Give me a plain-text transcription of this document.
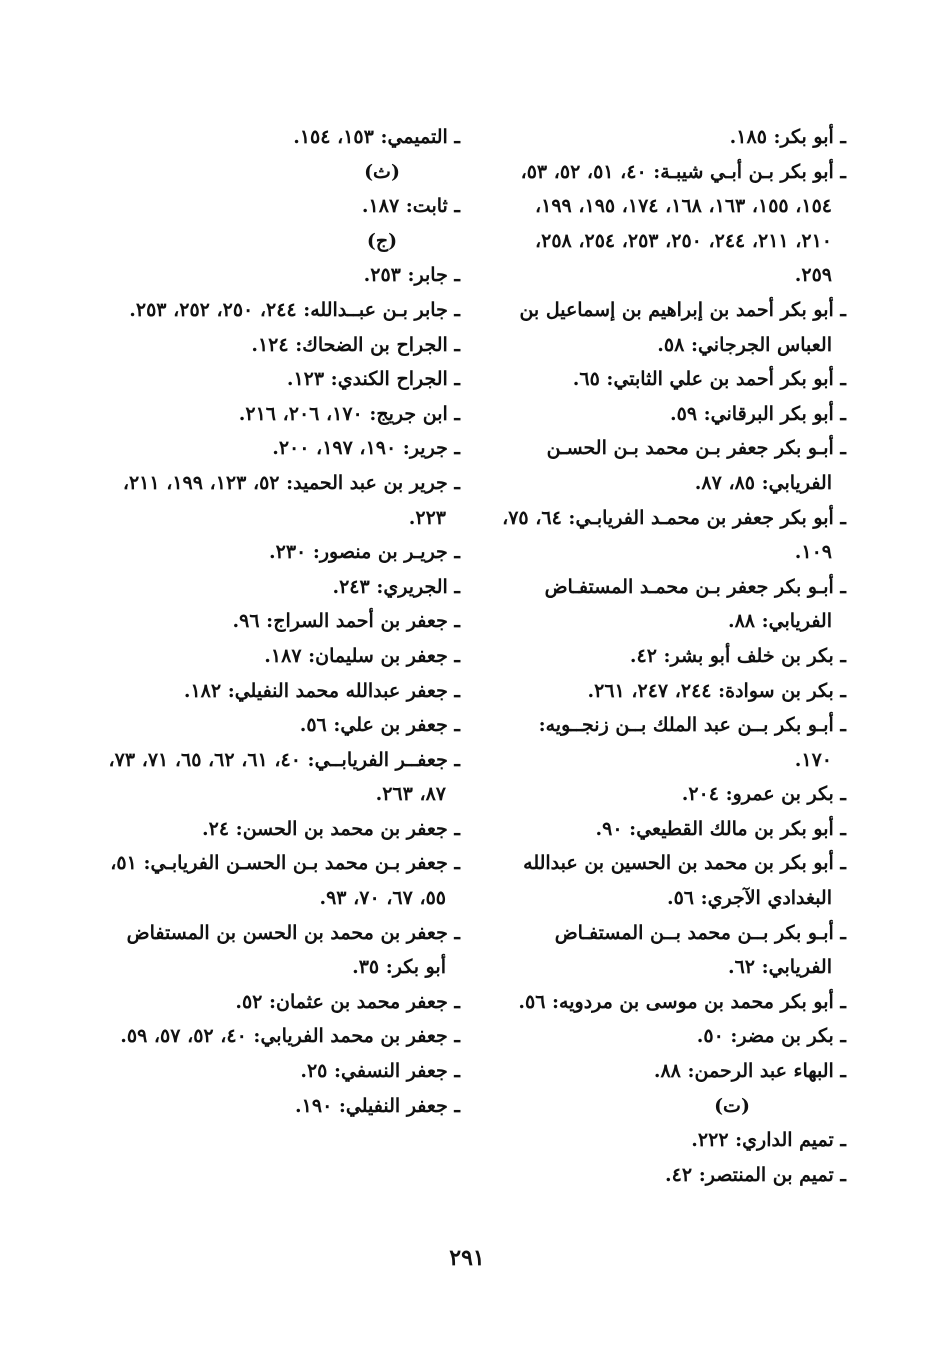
ـ أبو بكر: ١٨٥.

ـ أبو بكر بـن أبـي شيبـة: ٤٠، ٥١، ٥٢، ٥٣، ١٥٤، ١٥٥، ١٦٣، ١٦٨، ١٧٤، ١٩٥، ١٩٩، ٢١٠، ٢١١، ٢٤٤، ٢٥٠، ٢٥٣، ٢٥٤، ٢٥٨، ٢٥٩.

ـ أبو بكر أحمد بن إبراهيم بن إسماعيل بن العباس الجرجاني: ٥٨.

ـ أبو بكر أحمد بن علي الثابتي: ٦٥.

ـ أبو بكر البرقاني: ٥٩.

ـ أبـو بكر جعفر بـن محمد بـن الحسـن الفريابي: ٨٥، ٨٧.

ـ أبو بكر جعفر بن محمـد الفريابـي: ٦٤، ٧٥، ١٠٩.

ـ أبـو بكر جعفر بـن محمـد المستفـاض الفريابي: ٨٨.

ـ بكر بن خلف أبو بشر: ٤٢.

ـ بكر بن سوادة: ٢٤٤، ٢٤٧، ٢٦١.

ـ أبـو بكر بــن عبد الملك بــن زنجــويه: ١٧٠.

ـ بكر بن عمرو: ٢٠٤.

ـ أبو بكر بن مالك القطيعي: ٩٠.

ـ أبو بكر بن محمد بن الحسين بن عبدالله البغدادي الآجري: ٥٦.

ـ أبـو بكر بــن محمد بــن المستفـاض الفريابي: ٦٢.

ـ أبو بكر محمد بن موسى بن مردويه: ٥٦.

ـ بكر بن مضر: ٥٠.

ـ البهاء عبد الرحمن: ٨٨.

(ت)

ـ تميم الداري: ٢٢٢.

ـ تميم بن المنتصر: ٤٢.

ـ التميمي: ١٥٣، ١٥٤.

(ث)

ـ ثابت: ١٨٧.

(ج)

ـ جابر: ٢٥٣.

ـ جابر بـن عبــدالله: ٢٤٤، ٢٥٠، ٢٥٢، ٢٥٣.

ـ الجراح بن الضحاك: ١٢٤.

ـ الجراح الكندي: ١٢٣.

ـ ابن جريج: ١٧٠، ٢٠٦، ٢١٦.

ـ جرير: ١٩٠، ١٩٧، ٢٠٠.

ـ جرير بن عبد الحميد: ٥٢، ١٢٣، ١٩٩، ٢١١، ٢٢٣.

ـ جريـر بن منصور: ٢٣٠.

ـ الجريري: ٢٤٣.

ـ جعفر بن أحمد السراج: ٩٦.

ـ جعفر بن سليمان: ١٨٧.

ـ جعفر عبدالله محمد النفيلي: ١٨٢.

ـ جعفر بن علي: ٥٦.

ـ جعفــر الفريابــي: ٤٠، ٦١، ٦٢، ٦٥، ٧١، ٧٣، ٨٧، ٢٦٣.

ـ جعفر بن محمد بن الحسن: ٢٤.

ـ جعفر بـن محمد بـن الحسـن الفريابـي: ٥١، ٥٥، ٦٧، ٧٠، ٩٣.

ـ جعفر بن محمد بن الحسن بن المستفاض أبو بكر: ٣٥.

ـ جعفر محمد بن عثمان: ٥٢.

ـ جعفر بن محمد الفريابي: ٤٠، ٥٢، ٥٧، ٥٩.

ـ جعفر النسفي: ٢٥.

ـ جعفر النفيلي: ١٩٠.

٢٩١
